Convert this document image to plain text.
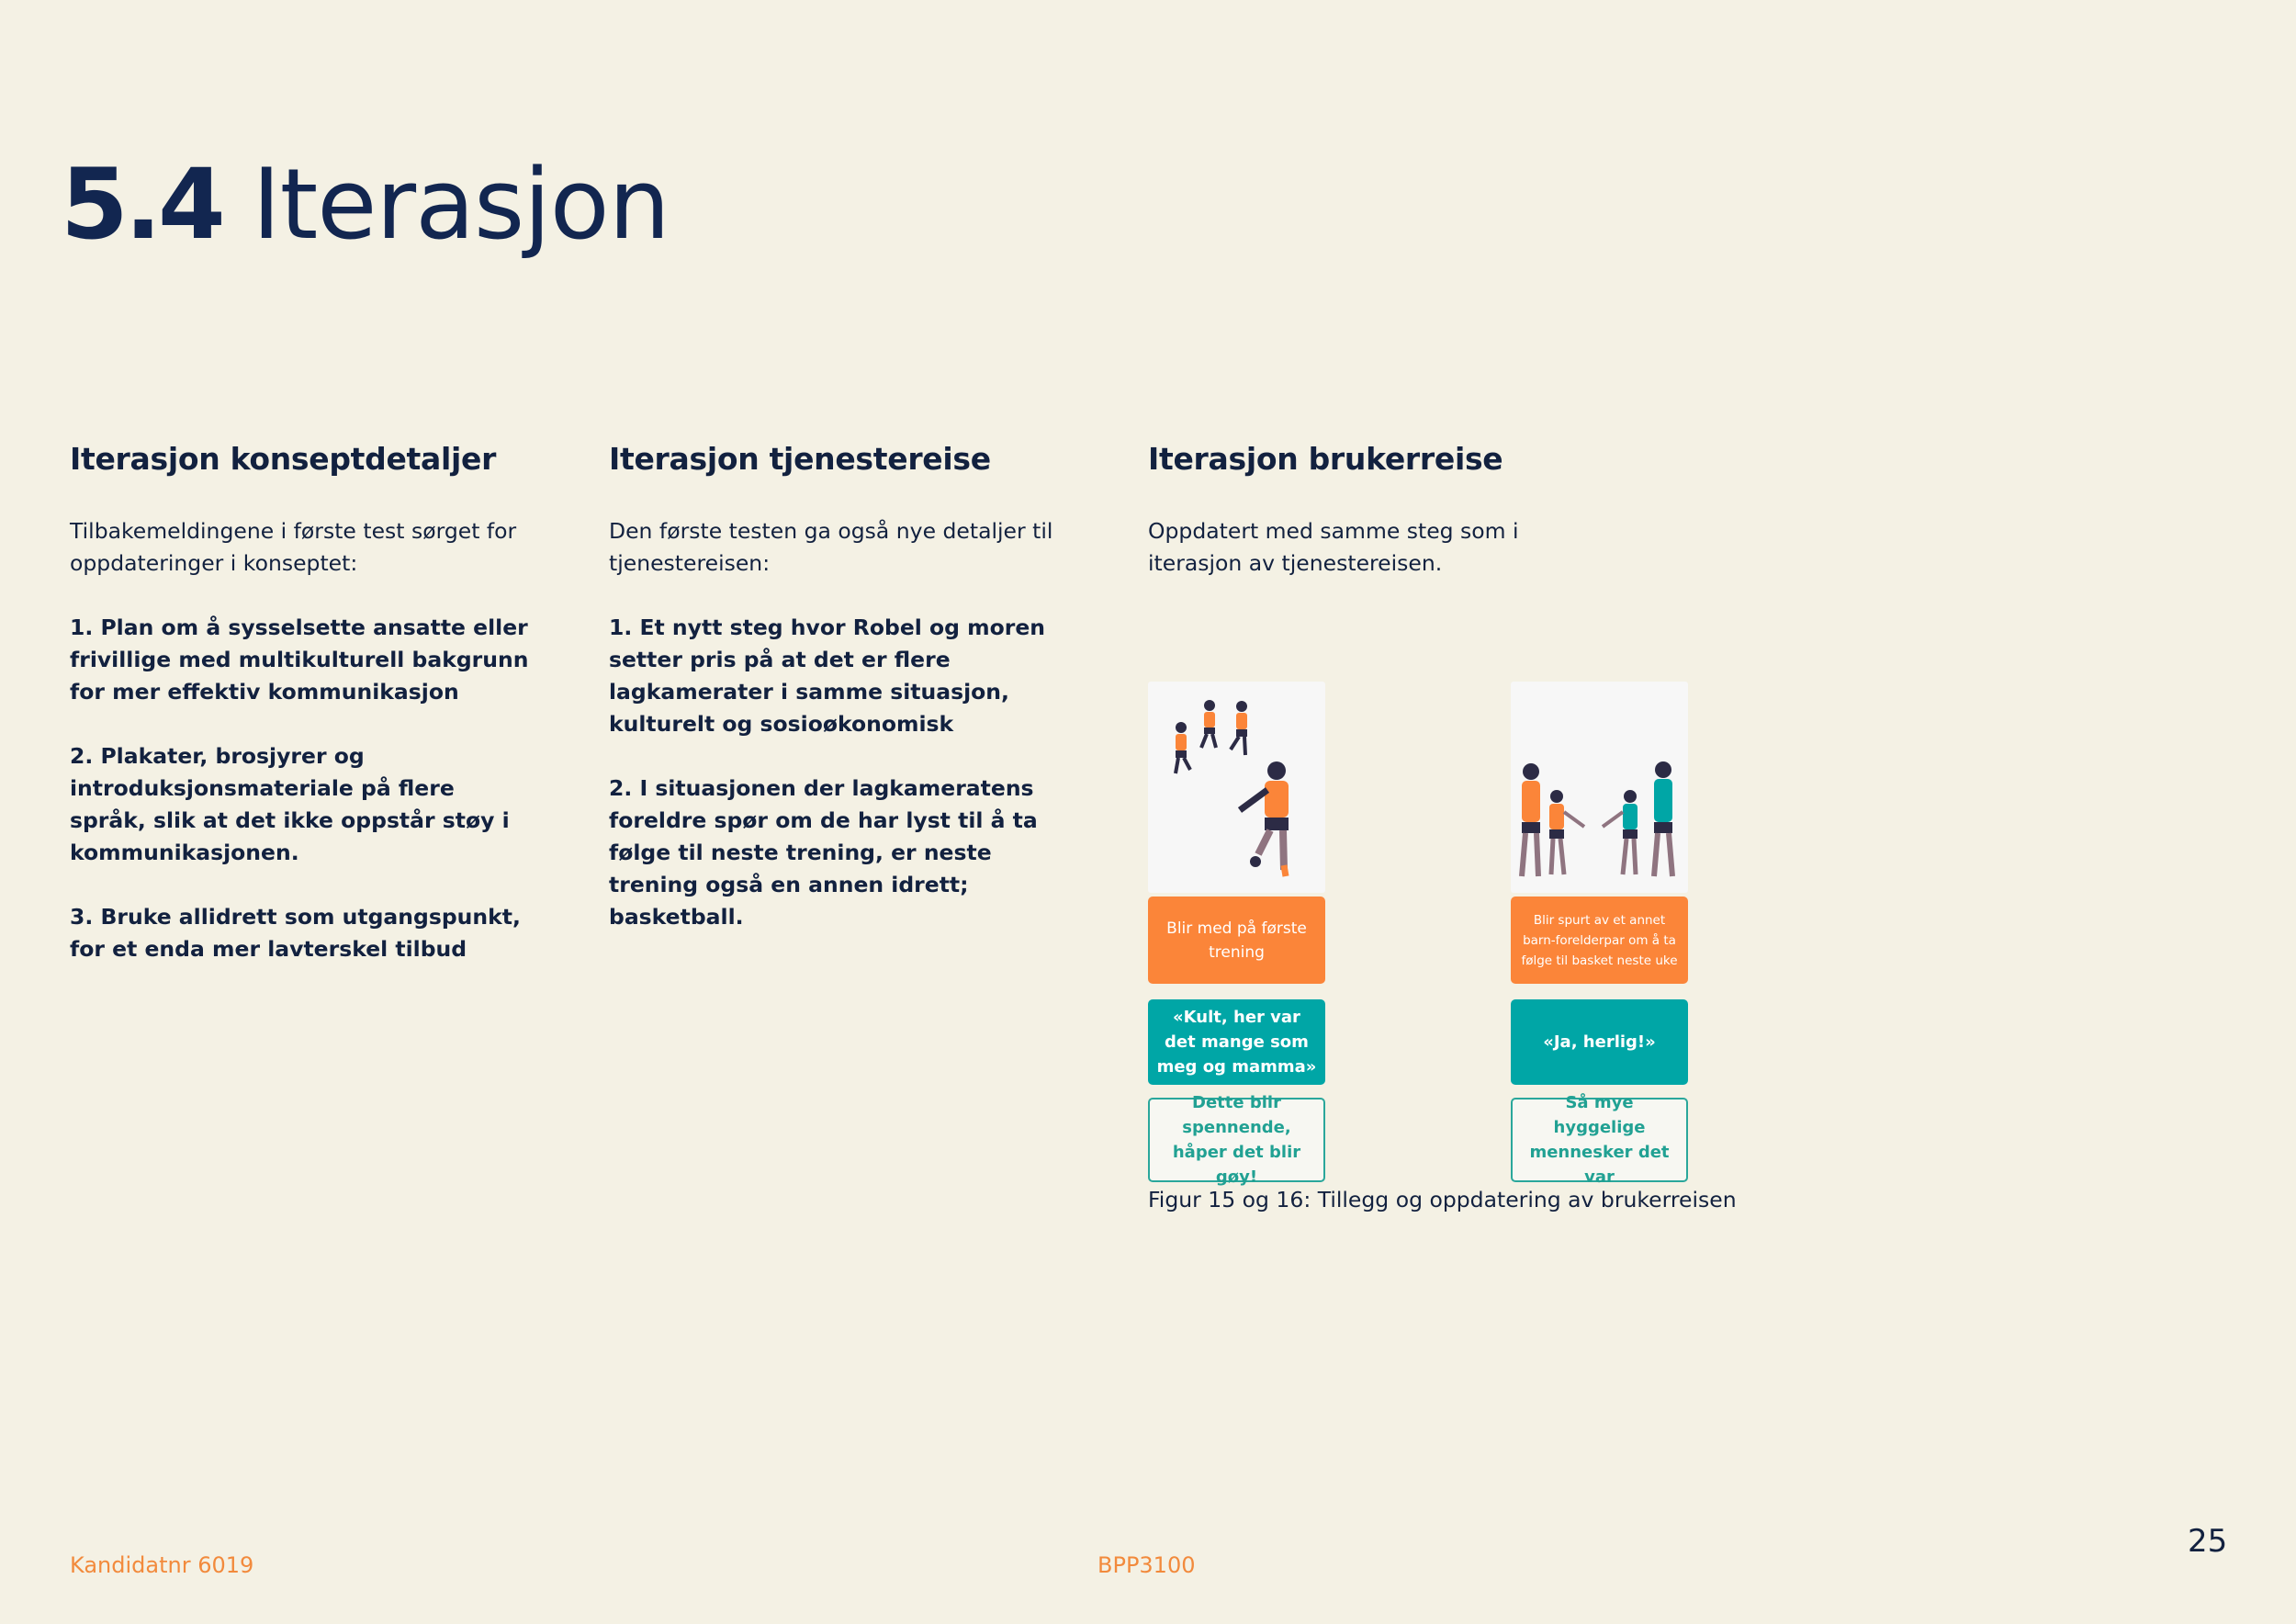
5.4 Iterasjon
Iterasjon konseptdetaljer

Tilbakemeldingene i første test sørget for oppdateringer i konseptet:

1. Plan om å sysselsette ansatte eller frivillige med multikulturell bakgrunn for mer effektiv kommunikasjon

2. Plakater, brosjyrer og introduksjonsmateriale på flere språk, slik at det ikke oppstår støy i kommunikasjonen.

3. Bruke allidrett som utgangspunkt, for et enda mer lavterskel tilbud

Iterasjon tjenestereise

Den første testen ga også nye detaljer til tjenestereisen:

1. Et nytt steg hvor Robel og moren setter pris på at det er flere lagkamerater i samme situasjon, kulturelt og sosioøkonomisk

2. I situasjonen der lagkameratens foreldre spør om de har lyst til å ta følge til neste trening, er neste trening også en annen idrett; basketball.

Iterasjon brukerreise

Oppdatert med samme steg som i iterasjon av tjenestereisen.

Blir med på første trening
«Kult, her var det mange som meg og mamma»
Dette blir spennende, håper det blir gøy!
Blir spurt av et annet barn-forelderpar om å ta følge til basket neste uke
«Ja, herlig!»
Så mye hyggelige mennesker det var
Figur 15 og 16: Tillegg og oppdatering av brukerreisen
Kandidatnr 6019	BPP3100
25
